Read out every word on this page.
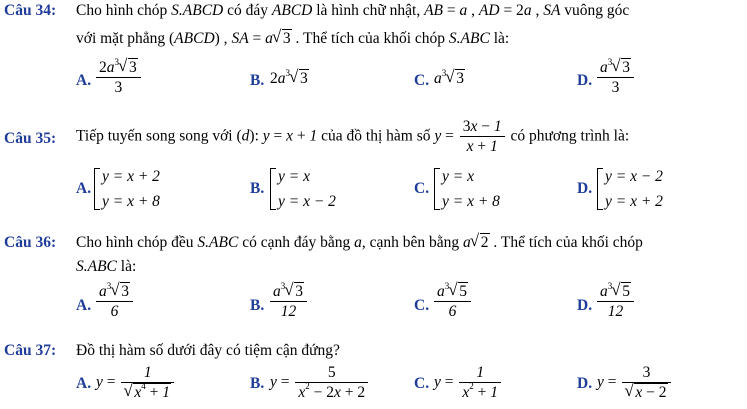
Câu 34: Cho hình chóp S.ABCD có đáy ABCD là hình chữ nhật, AB = a , AD = 2a , SA vuông góc
với mặt phẳng (ABCD) , SA = a√ 3 . Thể tích của khối chóp S.ABC là:
A. $\frac{2a^3√ 3}{3}$	B. $2a^3√$ 3	C. $a^3√$ 3	D. $\frac{a^3√ 3}{3}$
Câu 35: Tiếp tuyến song song với (d): y = x + 1 của đồ thị hàm số $y = \frac{3x - 1}{x + 1}$ có phương trình là:
A.
y = x + 2
y = x + 8
B.
y = x
y = x − 2
C.
y = x
y = x + 8
D.
y = x − 2
y = x + 2
Câu 36: Cho hình chóp đều S.ABC có cạnh đáy bằng a, cạnh bên bằng a√ 2 . Thể tích của khối chóp
S.ABC là:
A. $\frac{a^3√ 3}{6}$	B. $\frac{a^3√ 3}{12}$	C. $\frac{a^3√ 5}{6}$	D. $\frac{a^3√ 5}{12}$
Câu 37: Đồ thị hàm số dưới đây có tiệm cận đứng?
A. y = 1
√ $x^4 + 1$	B. $y = \frac{5}{x^2 - 2x + 2}$	C. $y = \frac{1}{x^2 + 1}$	D. y = 3
√ x − 2
